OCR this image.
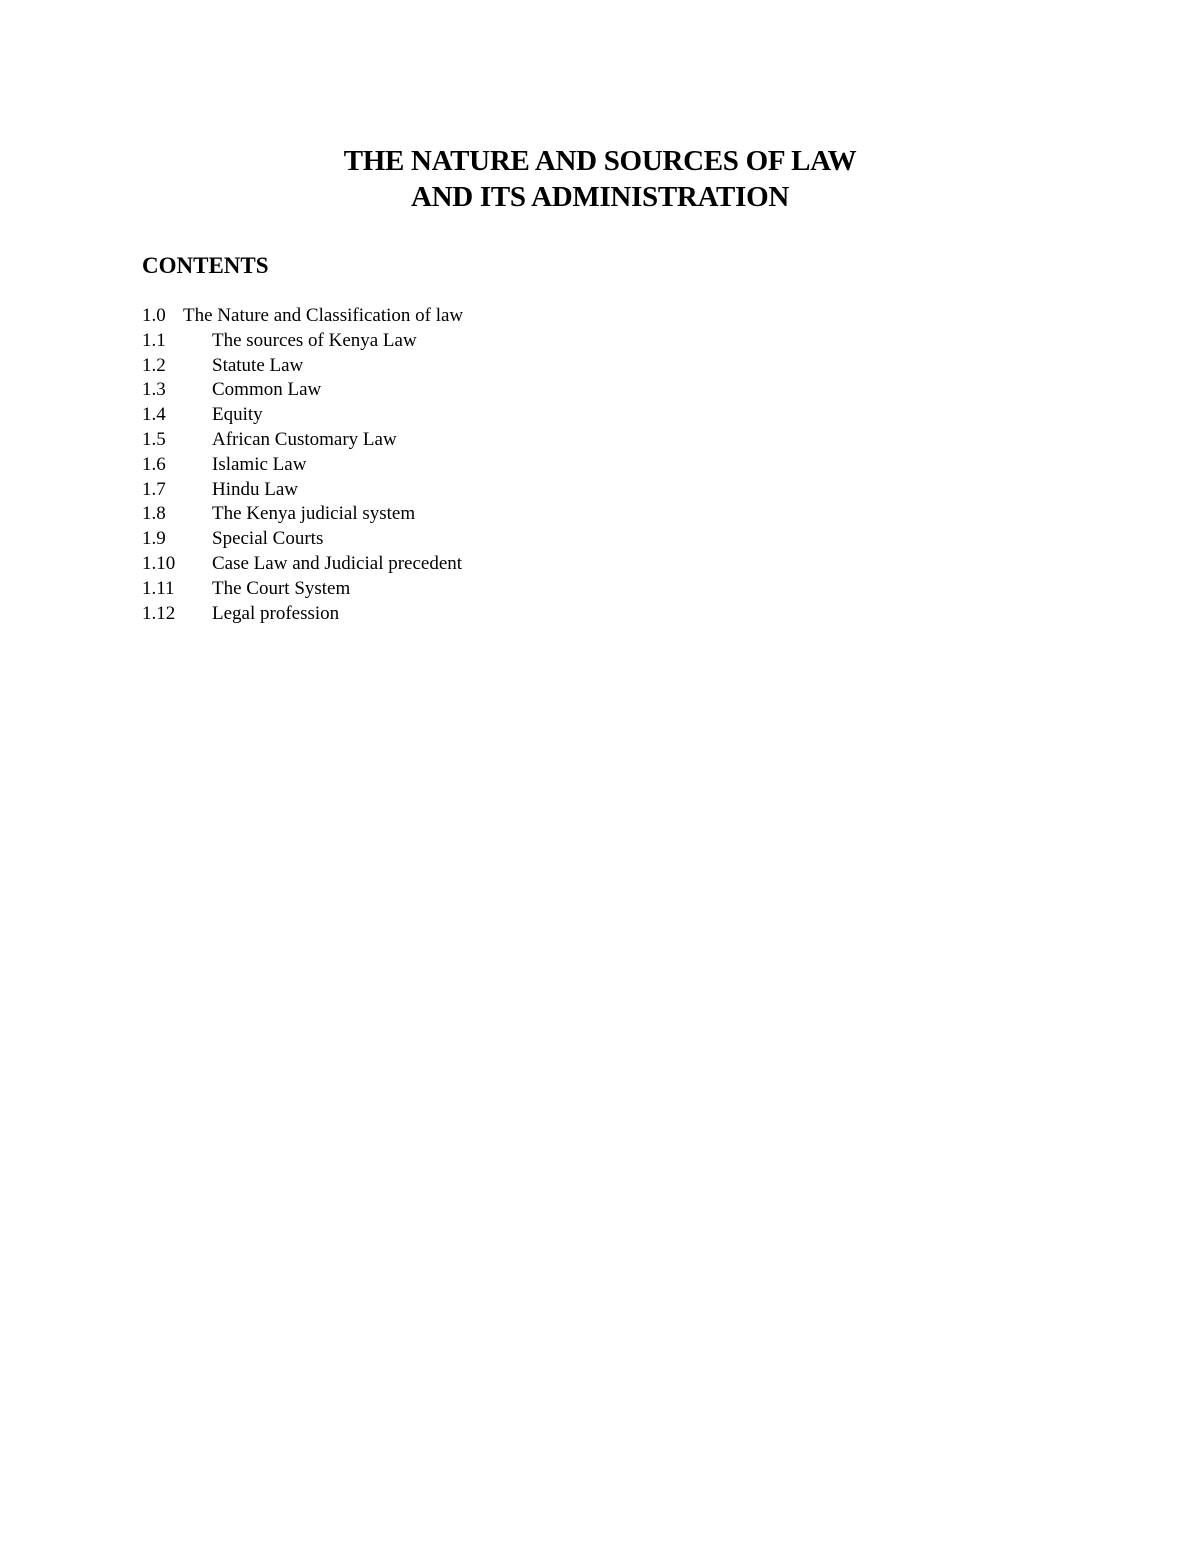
THE NATURE AND SOURCES OF LAW
AND ITS ADMINISTRATION
CONTENTS
1.0 The Nature and Classification of law
1.1 The sources of Kenya Law
1.2 Statute Law
1.3 Common Law
1.4 Equity
1.5 African Customary Law
1.6 Islamic Law
1.7 Hindu Law
1.8 The Kenya judicial system
1.9 Special Courts
1.10 Case Law and Judicial precedent
1.11 The Court System
1.12 Legal profession
